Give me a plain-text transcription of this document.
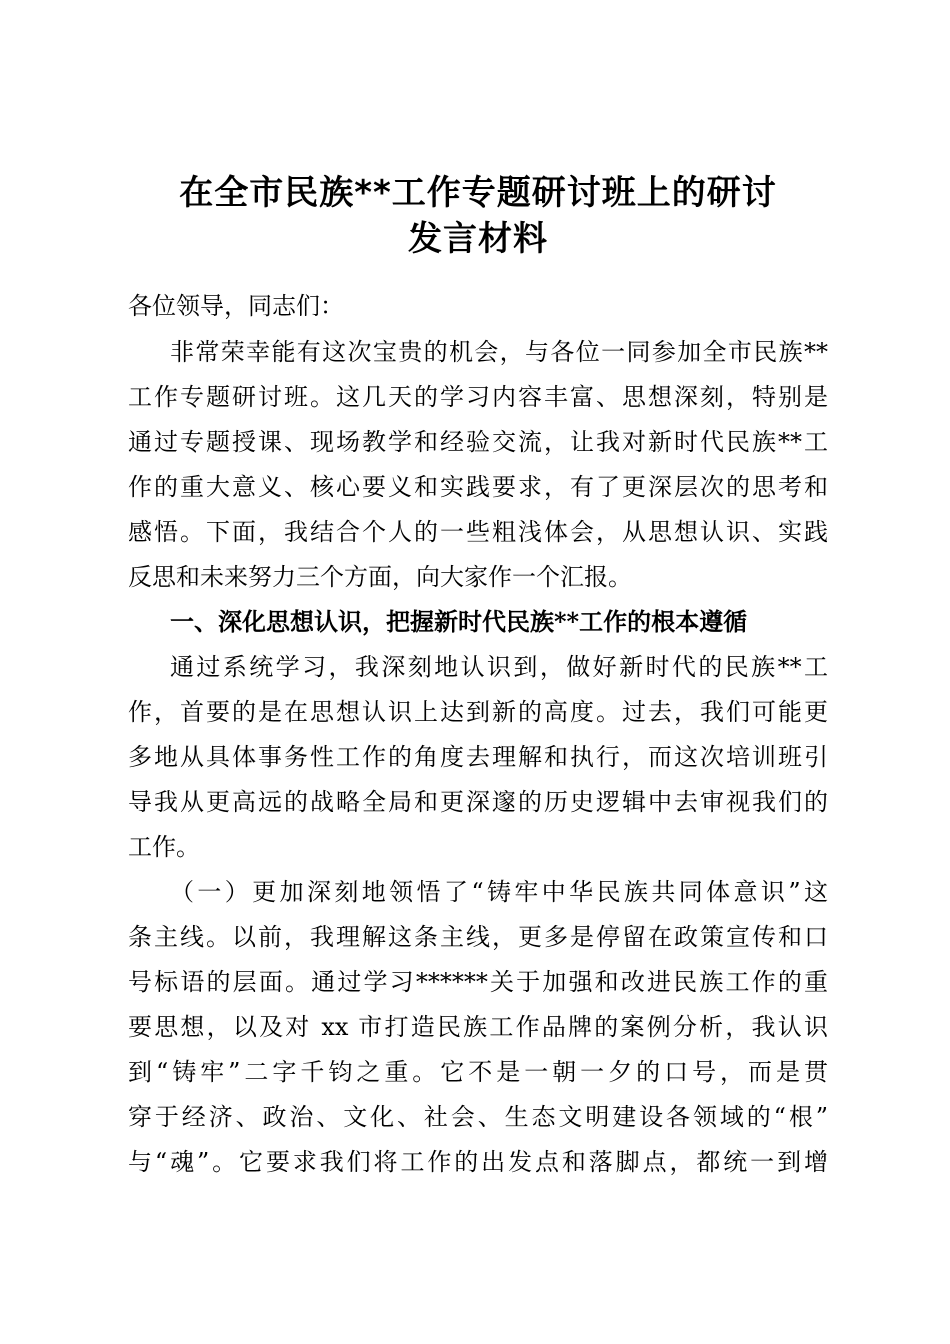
在全市民族**工作专题研讨班上的研讨
发言材料
各位领导，同志们：
非常荣幸能有这次宝贵的机会，与各位一同参加全市民族**
工作专题研讨班。这几天的学习内容丰富、思想深刻，特别是
通过专题授课、现场教学和经验交流，让我对新时代民族**工
作的重大意义、核心要义和实践要求，有了更深层次的思考和
感悟。下面，我结合个人的一些粗浅体会，从思想认识、实践
反思和未来努力三个方面，向大家作一个汇报。
一、深化思想认识，把握新时代民族**工作的根本遵循
通过系统学习，我深刻地认识到，做好新时代的民族**工
作，首要的是在思想认识上达到新的高度。过去，我们可能更
多地从具体事务性工作的角度去理解和执行，而这次培训班引
导我从更高远的战略全局和更深邃的历史逻辑中去审视我们的
工作。
（一）更加深刻地领悟了“铸牢中华民族共同体意识”这
条主线。以前，我理解这条主线，更多是停留在政策宣传和口
号标语的层面。通过学习******关于加强和改进民族工作的重
要思想，以及对 xx 市打造民族工作品牌的案例分析，我认识
到“铸牢”二字千钧之重。它不是一朝一夕的口号，而是贯
穿于经济、政治、文化、社会、生态文明建设各领域的“根”
与“魂”。它要求我们将工作的出发点和落脚点，都统一到增
